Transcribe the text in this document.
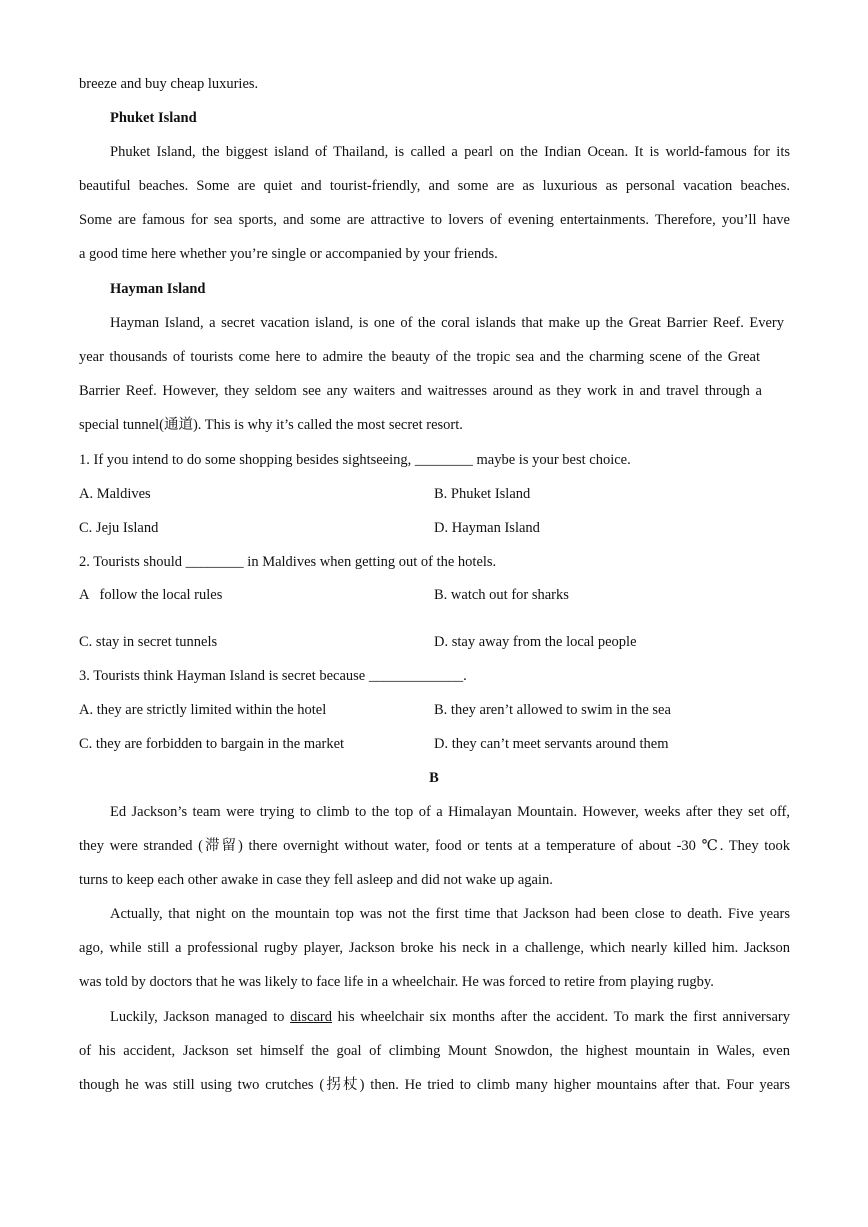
breeze and buy cheap luxuries.
Phuket Island
Phuket Island, the biggest island of Thailand, is called a pearl on the Indian Ocean. It is world-famous for its
beautiful beaches. Some are quiet and tourist-friendly, and some are as luxurious as personal vacation beaches.
Some are famous for sea sports, and some are attractive to lovers of evening entertainments. Therefore, you’ll have
a good time here whether you’re single or accompanied by your friends.
Hayman Island
Hayman Island, a secret vacation island, is one of the coral islands that make up the Great Barrier Reef. Every
year thousands of tourists come here to admire the beauty of the tropic sea and the charming scene of the Great
Barrier Reef. However, they seldom see any waiters and waitresses around as they work in and travel through a
special tunnel(通道). This is why it’s called the most secret resort.
1. If you intend to do some shopping besides sightseeing, ________ maybe is your best choice.
A. Maldives	B. Phuket Island
C. Jeju Island	D. Hayman Island
2. Tourists should ________ in Maldives when getting out of the hotels.
A   follow the local rules	B. watch out for sharks
C. stay in secret tunnels	D. stay away from the local people
3. Tourists think Hayman Island is secret because _____________.
A. they are strictly limited within the hotel	B. they aren’t allowed to swim in the sea
C. they are forbidden to bargain in the market	D. they can’t meet servants around them
B
Ed Jackson’s team were trying to climb to the top of a Himalayan Mountain. However, weeks after they set off,
they were stranded (滞留) there overnight without water, food or tents at a temperature of about -30 ℃. They took
turns to keep each other awake in case they fell asleep and did not wake up again.
Actually, that night on the mountain top was not the first time that Jackson had been close to death. Five years
ago, while still a professional rugby player, Jackson broke his neck in a challenge, which nearly killed him. Jackson
was told by doctors that he was likely to face life in a wheelchair. He was forced to retire from playing rugby.
Luckily, Jackson managed to discard his wheelchair six months after the accident. To mark the first anniversary
of his accident, Jackson set himself the goal of climbing Mount Snowdon, the highest mountain in Wales, even
though he was still using two crutches (拐杖) then. He tried to climb many higher mountains after that. Four years
